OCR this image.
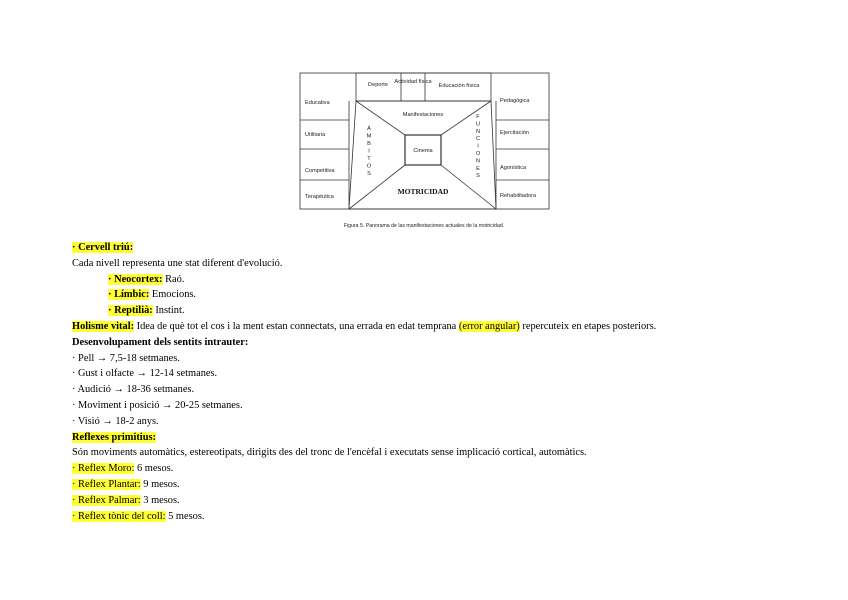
Deporte Actividad física
Educación física
Educativa
Utilitaria
Competitiva
Terapéutica
Pedagógica
Ejercitación
Agonística
Rehabilitadora
Manifestaciones
Cinema
MOTRICIDAD
Á
M
B
I
T
O
S
F
U
N
C
I
O
N
E
S
Figura 5. Panorama de las manifestaciones actuales de la motricidad.
· Cervell triú:
Cada nivell representa une stat diferent d'evolució.
· Neocortex: Raó.
· Límbic: Emocions.
· Reptilià: Instint.
Holisme vital: Idea de què tot el cos i la ment estan connectats, una errada en edat temprana (error angular) repercuteix en etapes posteriors.
Desenvolupament dels sentits intrauter:
· Pell → 7,5-18 setmanes.
· Gust i olfacte → 12-14 setmanes.
· Audició → 18-36 setmanes.
· Moviment i posició → 20-25 setmanes.
· Visió → 18-2 anys.
Reflexes primitius:
Són moviments automàtics, estereotipats, dirigits des del tronc de l'encèfal i executats sense implicació cortical, automàtics.
· Reflex Moro: 6 mesos.
· Reflex Plantar: 9 mesos.
· Reflex Palmar: 3 mesos.
· Reflex tònic del coll: 5 mesos.
